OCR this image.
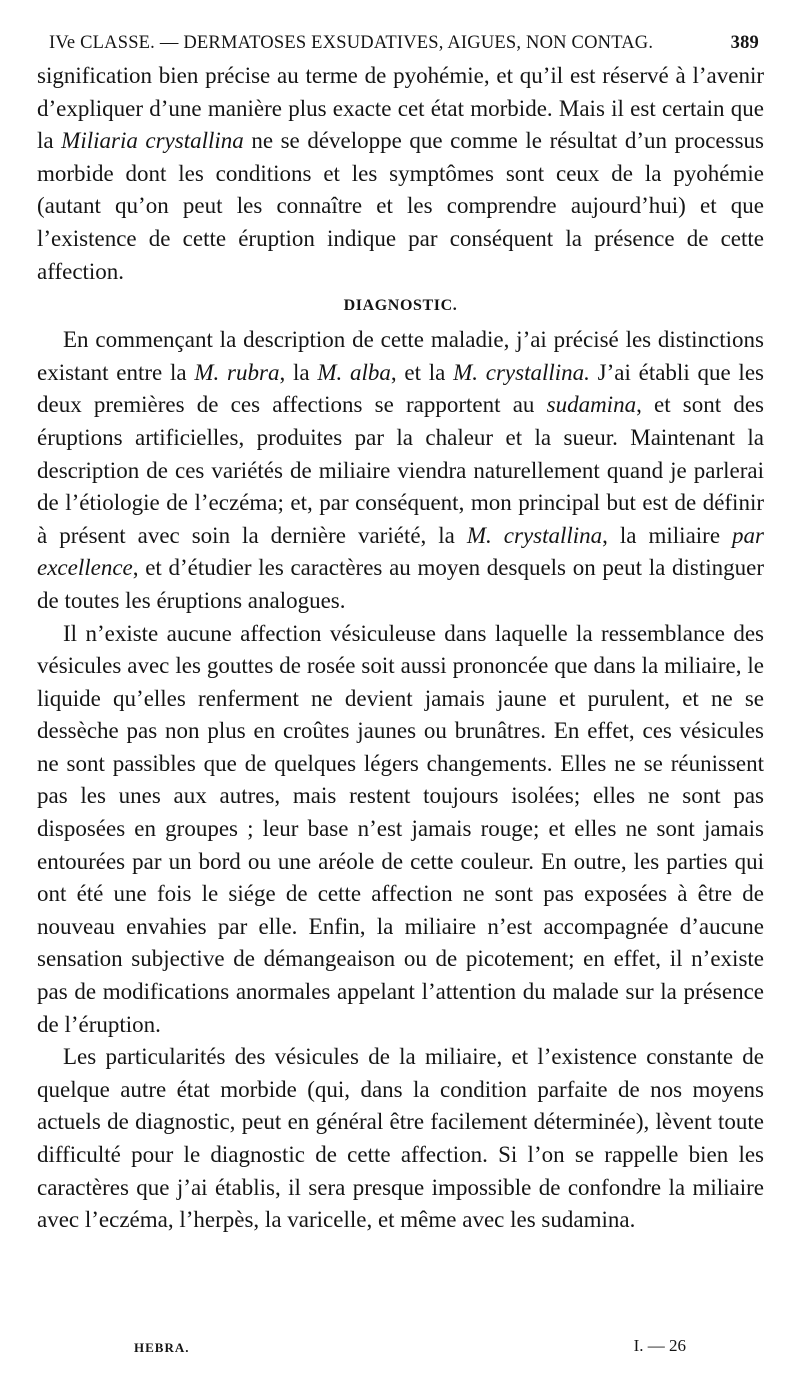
IVe CLASSE. — DERMATOSES EXSUDATIVES, AIGUES, NON CONTAG.	389

signification bien précise au terme de pyohémie, et qu’il est réservé à l’avenir d’expliquer d’une manière plus exacte cet état morbide. Mais il est certain que la Miliaria crystallina ne se développe que comme le résultat d’un processus morbide dont les conditions et les symptômes sont ceux de la pyohémie (autant qu’on peut les connaître et les comprendre aujourd’hui) et que l’existence de cette éruption indique par conséquent la présence de cette affection.

DIAGNOSTIC.

En commençant la description de cette maladie, j’ai précisé les distinctions existant entre la M. rubra, la M. alba, et la M. crystallina. J’ai établi que les deux premières de ces affections se rapportent au sudamina, et sont des éruptions artificielles, produites par la chaleur et la sueur. Maintenant la description de ces variétés de miliaire viendra naturellement quand je parlerai de l’étiologie de l’eczéma; et, par conséquent, mon principal but est de définir à présent avec soin la dernière variété, la M. crystallina, la miliaire par excellence, et d’étudier les caractères au moyen desquels on peut la distinguer de toutes les éruptions analogues.

Il n’existe aucune affection vésiculeuse dans laquelle la ressemblance des vésicules avec les gouttes de rosée soit aussi prononcée que dans la miliaire, le liquide qu’elles renferment ne devient jamais jaune et purulent, et ne se dessèche pas non plus en croûtes jaunes ou brunâtres. En effet, ces vésicules ne sont passibles que de quelques légers changements. Elles ne se réunissent pas les unes aux autres, mais restent toujours isolées; elles ne sont pas disposées en groupes ; leur base n’est jamais rouge; et elles ne sont jamais entourées par un bord ou une aréole de cette couleur. En outre, les parties qui ont été une fois le siége de cette affection ne sont pas exposées à être de nouveau envahies par elle. Enfin, la miliaire n’est accompagnée d’aucune sensation subjective de démangeaison ou de picotement; en effet, il n’existe pas de modifications anormales appelant l’attention du malade sur la présence de l’éruption.

Les particularités des vésicules de la miliaire, et l’existence constante de quelque autre état morbide (qui, dans la condition parfaite de nos moyens actuels de diagnostic, peut en général être facilement déterminée), lèvent toute difficulté pour le diagnostic de cette affection. Si l’on se rappelle bien les caractères que j’ai établis, il sera presque impossible de confondre la miliaire avec l’eczéma, l’herpès, la varicelle, et même avec les sudamina.

HEBRA.	I. — 26
